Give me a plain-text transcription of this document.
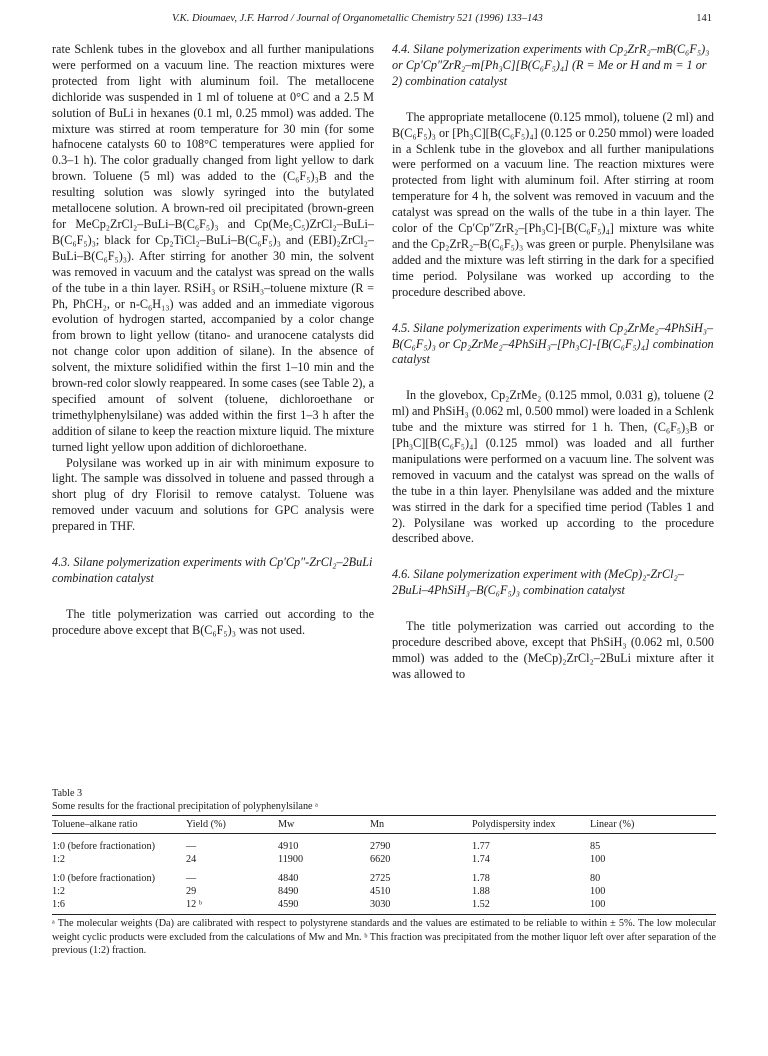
V.K. Dioumaev, J.F. Harrod / Journal of Organometallic Chemistry 521 (1996) 133–143	141

rate Schlenk tubes in the glovebox and all further manipulations were performed on a vacuum line. The reaction mixtures were protected from light with aluminum foil. The metallocene dichloride was suspended in 1 ml of toluene at 0°C and a 2.5 M solution of BuLi in hexanes (0.1 ml, 0.25 mmol) was added. The mixture was stirred at room temperature for 30 min (for some hafnocene catalysts 60 to 108°C temperatures were applied for 0.3–1 h). The color gradually changed from light yellow to dark brown. Toluene (5 ml) was added to the (C₆F₅)₃B and the resulting solution was slowly syringed into the butylated metallocene solution. A brown-red oil precipitated (brown-green for MeCp₂ZrCl₂–BuLi–B(C₆F₅)₃ and Cp(Me₅C₅)ZrCl₂–BuLi–B(C₆F₅)₃; black for Cp₂TiCl₂–BuLi–B(C₆F₅)₃ and (EBI)₂ZrCl₂–BuLi–B(C₆F₅)₃). After stirring for another 30 min, the solvent was removed in vacuum and the catalyst was spread on the walls of the tube in a thin layer. RSiH₃ or RSiH₃–toluene mixture (R = Ph, PhCH₂, or n-C₆H₁₃) was added and an immediate vigorous evolution of hydrogen started, accompanied by a color change from brown to light yellow (titano- and uranocene catalysts did not change color upon addition of silane). In the absence of solvent, the mixture solidified within the first 1–10 min and the brown-red color slowly reappeared. In some cases (see Table 2), a specified amount of solvent (toluene, dichloroethane or trimethylphenylsilane) was added within the first 1–3 h after the addition of silane to keep the reaction mixture liquid. The mixture turned light yellow upon addition of dichloroethane.

Polysilane was worked up in air with minimum exposure to light. The sample was dissolved in toluene and passed through a short plug of dry Florisil to remove catalyst. Toluene was removed under vacuum and solutions for GPC analysis were prepared in THF.

4.3. Silane polymerization experiments with Cp′Cp″-ZrCl₂–2BuLi combination catalyst

The title polymerization was carried out according to the procedure above except that B(C₆F₅)₃ was not used.

4.4. Silane polymerization experiments with Cp₂ZrR₂–mB(C₆F₅)₃ or Cp′Cp″ZrR₂–m[Ph₃C][B(C₆F₅)₄] (R = Me or H and m = 1 or 2) combination catalyst

The appropriate metallocene (0.125 mmol), toluene (2 ml) and B(C₆F₅)₃ or [Ph₃C][B(C₆F₅)₄] (0.125 or 0.250 mmol) were loaded in a Schlenk tube in the glovebox and all further manipulations were performed on a vacuum line. The reaction mixtures were protected from light with aluminum foil. After stirring at room temperature for 4 h, the solvent was removed in vacuum and the catalyst was spread on the walls of the tube in a thin layer. The color of the Cp′Cp″ZrR₂–[Ph₃C]-[B(C₆F₅)₄] mixture was white and the Cp₂ZrR₂–B(C₆F₅)₃ was green or purple. Phenylsilane was added and the mixture was left stirring in the dark for a specified time period. Polysilane was worked up according to the procedure described above.

4.5. Silane polymerization experiments with Cp₂ZrMe₂–4PhSiH₃–B(C₆F₅)₃ or Cp₂ZrMe₂–4PhSiH₃–[Ph₃C]-[B(C₆F₅)₄] combination catalyst

In the glovebox, Cp₂ZrMe₂ (0.125 mmol, 0.031 g), toluene (2 ml) and PhSiH₃ (0.062 ml, 0.500 mmol) were loaded in a Schlenk tube and the mixture was stirred for 1 h. Then, (C₆F₅)₃B or [Ph₃C][B(C₆F₅)₄] (0.125 mmol) was loaded and all further manipulations were performed on a vacuum line. The solvent was removed in vacuum and the catalyst was spread on the walls of the tube in a thin layer. Phenylsilane was added and the mixture was stirred in the dark for a specified time period (Tables 1 and 2). Polysilane was worked up according to the procedure described above.

4.6. Silane polymerization experiment with (MeCp)₂-ZrCl₂–2BuLi–4PhSiH₃–B(C₆F₅)₃ combination catalyst

The title polymerization was carried out according to the procedure described above, except that PhSiH₃ (0.062 ml, 0.500 mmol) was added to the (MeCp)₂ZrCl₂–2BuLi mixture after it was allowed to

Table 3

Some results for the fractional precipitation of polyphenylsilane ᵃ

Toluene–alkane ratio	Yield (%)	Mw	Mn	Polydispersity index	Linear (%)
1:0 (before fractionation)	—	4910	2790	1.77	85
1:2	24	11900	6620	1.74	100
1:0 (before fractionation)	—	4840	2725	1.78	80
1:2	29	8490	4510	1.88	100
1:6	12 ᵇ	4590	3030	1.52	100

ᵃ The molecular weights (Da) are calibrated with respect to polystyrene standards and the values are estimated to be reliable to within ± 5%. The low molecular weight cyclic products were excluded from the calculations of Mw and Mn. ᵇ This fraction was precipitated from the mother liquor left over after separation of the previous (1:2) fraction.
